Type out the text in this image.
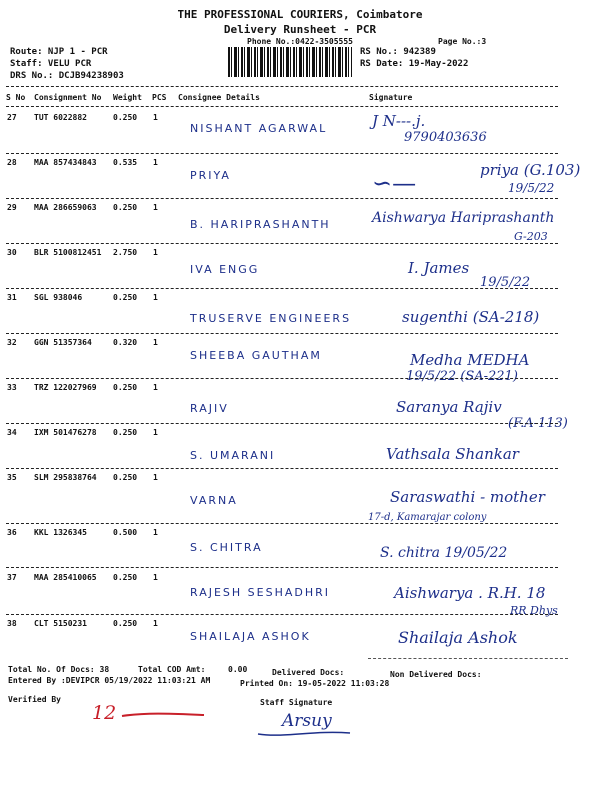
THE PROFESSIONAL COURIERS, Coimbatore
Delivery Runsheet - PCR
Phone No.:0422-3505555	Page No.:3
Route: NJP 1 - PCR
Staff: VELU PCR
DRS No.: DCJB94238903
RS No.: 942389
RS Date: 19-May-2022
S No Consignment No Weight PCS Consignee Details	Signature
27 TUT 6022882	0.250 1
NISHANT AGARWAL	J N---.j.
9790403636
28 MAA 857434843 0.535 1
PRIYA	priya (G.103)
19/5/22
∽—
29 MAA 286659063 0.250 1
B. HARIPRASHANTH	Aishwarya Hariprashanth
G-203
30 BLR 5100812451 2.750 1
IVA ENGG	I. James
19/5/22
31 SGL 938046	0.250 1
TRUSERVE ENGINEERS	sugenthi (SA-218)
32 GGN 51357364	0.320 1
SHEEBA GAUTHAM	Medha MEDHA
19/5/22 (SA-221)
33 TRZ 122027969 0.250 1
RAJIV	Saranya Rajiv
(F.A-113)
34 IXM 501476278 0.250 1
S. UMARANI	Vathsala Shankar
35 SLM 295838764 0.250 1
VARNA	Saraswathi - mother
17-d, Kamarajar colony
36 KKL 1326345	0.500 1
S. CHITRA	S. chitra 19/05/22
37 MAA 285410065 0.250 1
RAJESH SESHADHRI	Aishwarya . R.H. 18
RR Dhys
38 CLT 5150231	0.250 1
SHAILAJA ASHOK	Shailaja Ashok
Total No. Of Docs: 38	Total COD Amt:	0.00	Delivered Docs:	Non Delivered Docs:
Entered By :DEVIPCR 05/19/2022 11:03:21 AM	Printed On: 19-05-2022 11:03:28
Verified By
12	Staff Signature
Arsuy
